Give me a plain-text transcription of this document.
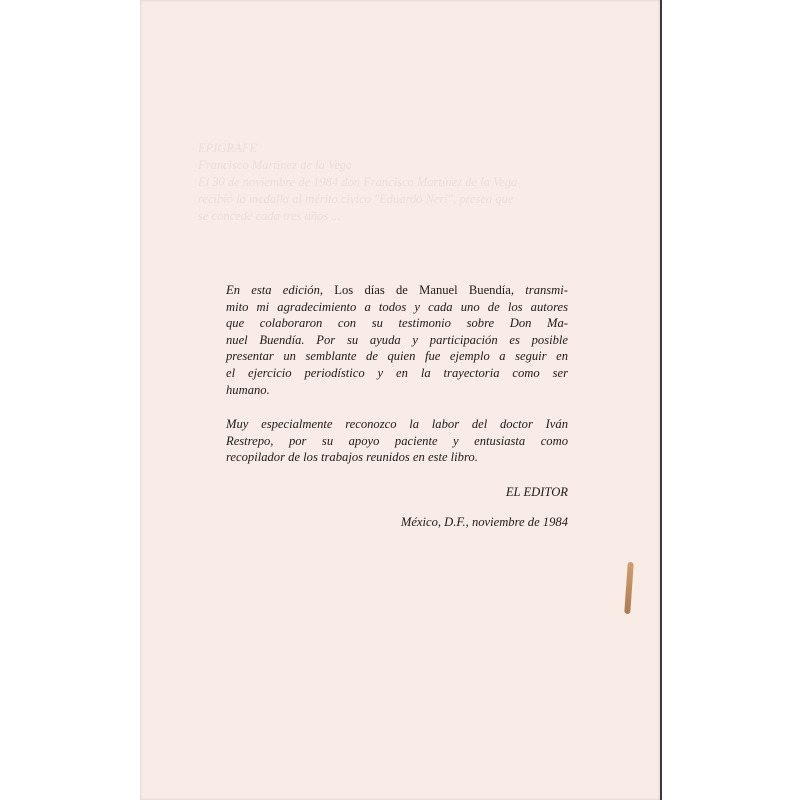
EPIGRAFE
Francisco Martínez de la Vega
El 30 de noviembre de 1984 don Francisco Martínez de la Vega
recibió la medalla al mérito cívico "Eduardo Neri", presea que
se concede cada tres años ...

En esta edición, Los días de Manuel Buendía, transmi-
mito mi agradecimiento a todos y cada uno de los autores
que colaboraron con su testimonio sobre Don Ma-
nuel Buendía. Por su ayuda y participación es posible
presentar un semblante de quien fue ejemplo a seguir en
el ejercicio periodístico y en la trayectoria como ser
humano.

Muy especialmente reconozco la labor del doctor Iván
Restrepo, por su apoyo paciente y entusiasta como
recopilador de los trabajos reunidos en este libro.

EL EDITOR
México, D.F., noviembre de 1984
